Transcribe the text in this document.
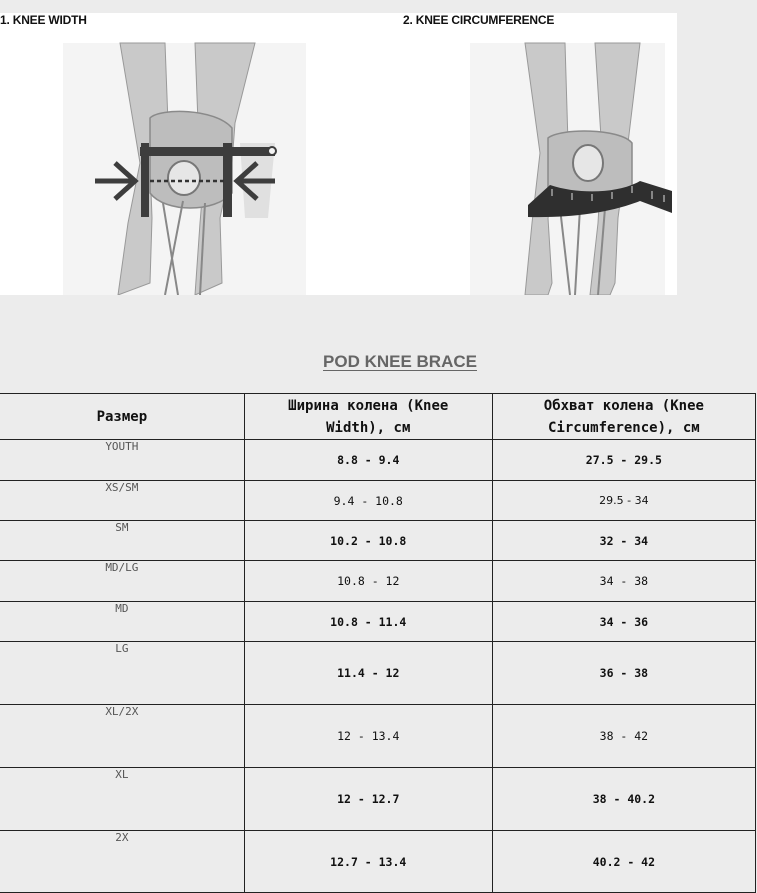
1. KNEE WIDTH	2. KNEE CIRCUMFERENCE
POD KNEE BRACE
Размер	Ширина колена (Knee Width), см	Обхват колена (Knee Circumference), см
YOUTH	8.8 - 9.4	27.5 - 29.5
XS/SM	9.4 - 10.8	29.5 - 34
SM	10.2 - 10.8	32 - 34
MD/LG	10.8 - 12	34 - 38
MD	10.8 - 11.4	34 - 36
LG	11.4 - 12	36 - 38
XL/2X	12 - 13.4	38 - 42
XL	12 - 12.7	38 - 40.2
2X	12.7 - 13.4	40.2 - 42
